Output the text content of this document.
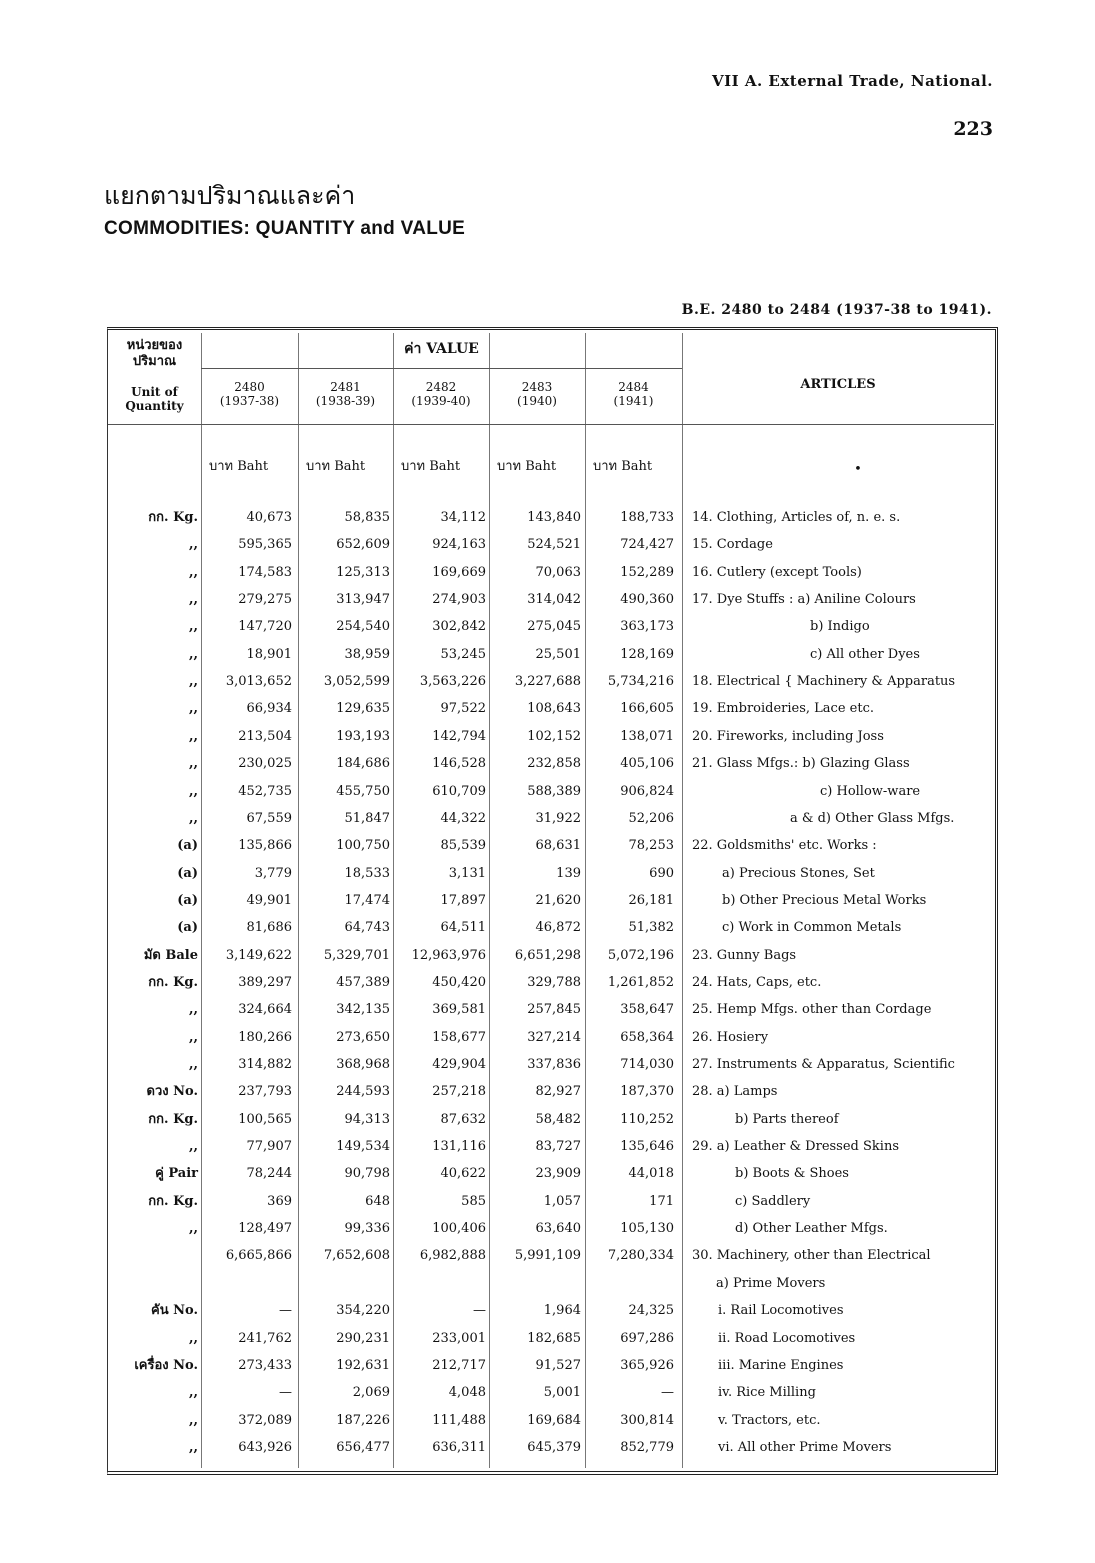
VII A. External Trade, National.
223
แยกตามปริมาณและค่า
COMMODITIES: QUANTITY and VALUE
B.E. 2480 to 2484 (1937-38 to 1941).
หน่วยของ ปริมาณ
Unit of Quantity
ค่า VALUE
ARTICLES
•
2480
(1937-38)
2481
(1938-39)
2482
(1939-40)
2483
(1940)
2484
(1941)
บาท Baht	บาท Baht	บาท Baht	บาท Baht	บาท Baht
กก. Kg.	40,673	58,835	34,112	143,840	188,733 14. Clothing, Articles of, n. e. s.
,,	595,365	652,609	924,163	524,521	724,427 15. Cordage
,,	174,583	125,313	169,669	70,063	152,289 16. Cutlery (except Tools)
,,	279,275	313,947	274,903	314,042	490,360 17. Dye Stuffs : a) Aniline Colours
,,	147,720	254,540	302,842	275,045	363,173	b) Indigo
,,	18,901	38,959	53,245	25,501	128,169	c) All other Dyes
,,	3,013,652	3,052,599	3,563,226	3,227,688	5,734,216 18. Electrical { Machinery & Apparatus
,,	66,934	129,635	97,522	108,643	166,605 19. Embroideries, Lace etc.
,,	213,504	193,193	142,794	102,152	138,071 20. Fireworks, including Joss
,,	230,025	184,686	146,528	232,858	405,106 21. Glass Mfgs.: b) Glazing Glass
,,	452,735	455,750	610,709	588,389	906,824	c) Hollow-ware
,,	67,559	51,847	44,322	31,922	52,206	a & d) Other Glass Mfgs.
(a)	135,866	100,750	85,539	68,631	78,253 22. Goldsmiths' etc. Works :
(a)	3,779	18,533	3,131	139	690	a) Precious Stones, Set
(a)	49,901	17,474	17,897	21,620	26,181	b) Other Precious Metal Works
(a)	81,686	64,743	64,511	46,872	51,382	c) Work in Common Metals
มัด Bale	3,149,622	5,329,701	12,963,976	6,651,298	5,072,196 23. Gunny Bags
กก. Kg.	389,297	457,389	450,420	329,788	1,261,852 24. Hats, Caps, etc.
,,	324,664	342,135	369,581	257,845	358,647 25. Hemp Mfgs. other than Cordage
,,	180,266	273,650	158,677	327,214	658,364 26. Hosiery
,,	314,882	368,968	429,904	337,836	714,030 27. Instruments & Apparatus, Scientific
ดวง No.	237,793	244,593	257,218	82,927	187,370 28. a) Lamps
กก. Kg.	100,565	94,313	87,632	58,482	110,252	b) Parts thereof
,,	77,907	149,534	131,116	83,727	135,646 29. a) Leather & Dressed Skins
คู่ Pair	78,244	90,798	40,622	23,909	44,018	b) Boots & Shoes
กก. Kg.	369	648	585	1,057	171	c) Saddlery
,,	128,497	99,336	100,406	63,640	105,130	d) Other Leather Mfgs.
6,665,866	7,652,608	6,982,888	5,991,109	7,280,334 30. Machinery, other than Electrical
a) Prime Movers
คัน No.	—	354,220	—	1,964	24,325	i. Rail Locomotives
,,	241,762	290,231	233,001	182,685	697,286	ii. Road Locomotives
เครื่อง No.	273,433	192,631	212,717	91,527	365,926	iii. Marine Engines
,,	—	2,069	4,048	5,001	—	iv. Rice Milling
,,	372,089	187,226	111,488	169,684	300,814	v. Tractors, etc.
,,	643,926	656,477	636,311	645,379	852,779	vi. All other Prime Movers
